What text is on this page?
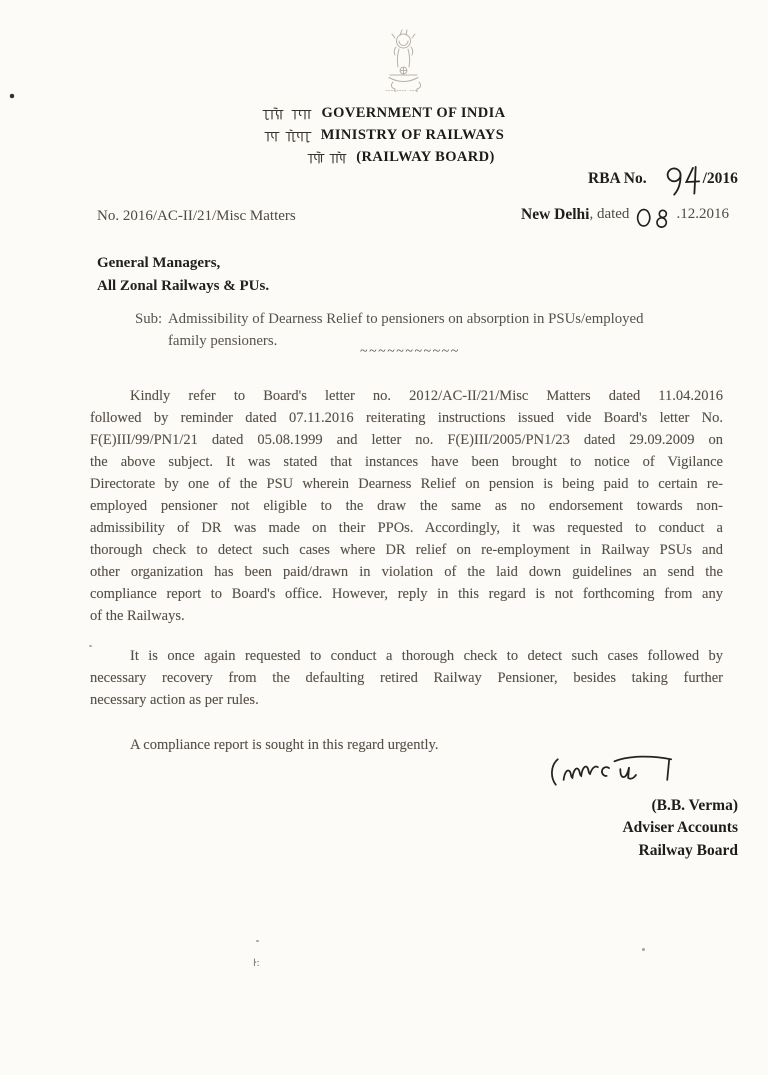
GOVERNMENT OF INDIA
MINISTRY OF RAILWAYS
(RAILWAY BOARD)
RBA No.	/2016
No. 2016/AC-II/21/Misc Matters	New Delhi , dated	.12.2016
General Managers,
All Zonal Railways & PUs.
Sub: Admissibility of Dearness Relief to pensioners on absorption in PSUs/employed
family pensioners.
~~~~~~~~~~~
Kindly refer to Board's letter no. 2012/AC-II/21/Misc Matters dated 11.04.2016
followed by reminder dated 07.11.2016 reiterating instructions issued vide Board's letter No.
F(E)III/99/PN1/21 dated 05.08.1999 and letter no. F(E)III/2005/PN1/23 dated 29.09.2009 on
the above subject. It was stated that instances have been brought to notice of Vigilance
Directorate by one of the PSU wherein Dearness Relief on pension is being paid to certain re-
employed pensioner not eligible to the draw the same as no endorsement towards non-
admissibility of DR was made on their PPOs. Accordingly, it was requested to conduct a
thorough check to detect such cases where DR relief on re-employment in Railway PSUs and
other organization has been paid/drawn in violation of the laid down guidelines an send the
compliance report to Board's office. However, reply in this regard is not forthcoming from any
of the Railways.
It is once again requested to conduct a thorough check to detect such cases followed by
necessary recovery from the defaulting retired Railway Pensioner, besides taking further
necessary action as per rules.
A compliance report is sought in this regard urgently.
(B.B. Verma)
Adviser Accounts
Railway Board
ŀ:
